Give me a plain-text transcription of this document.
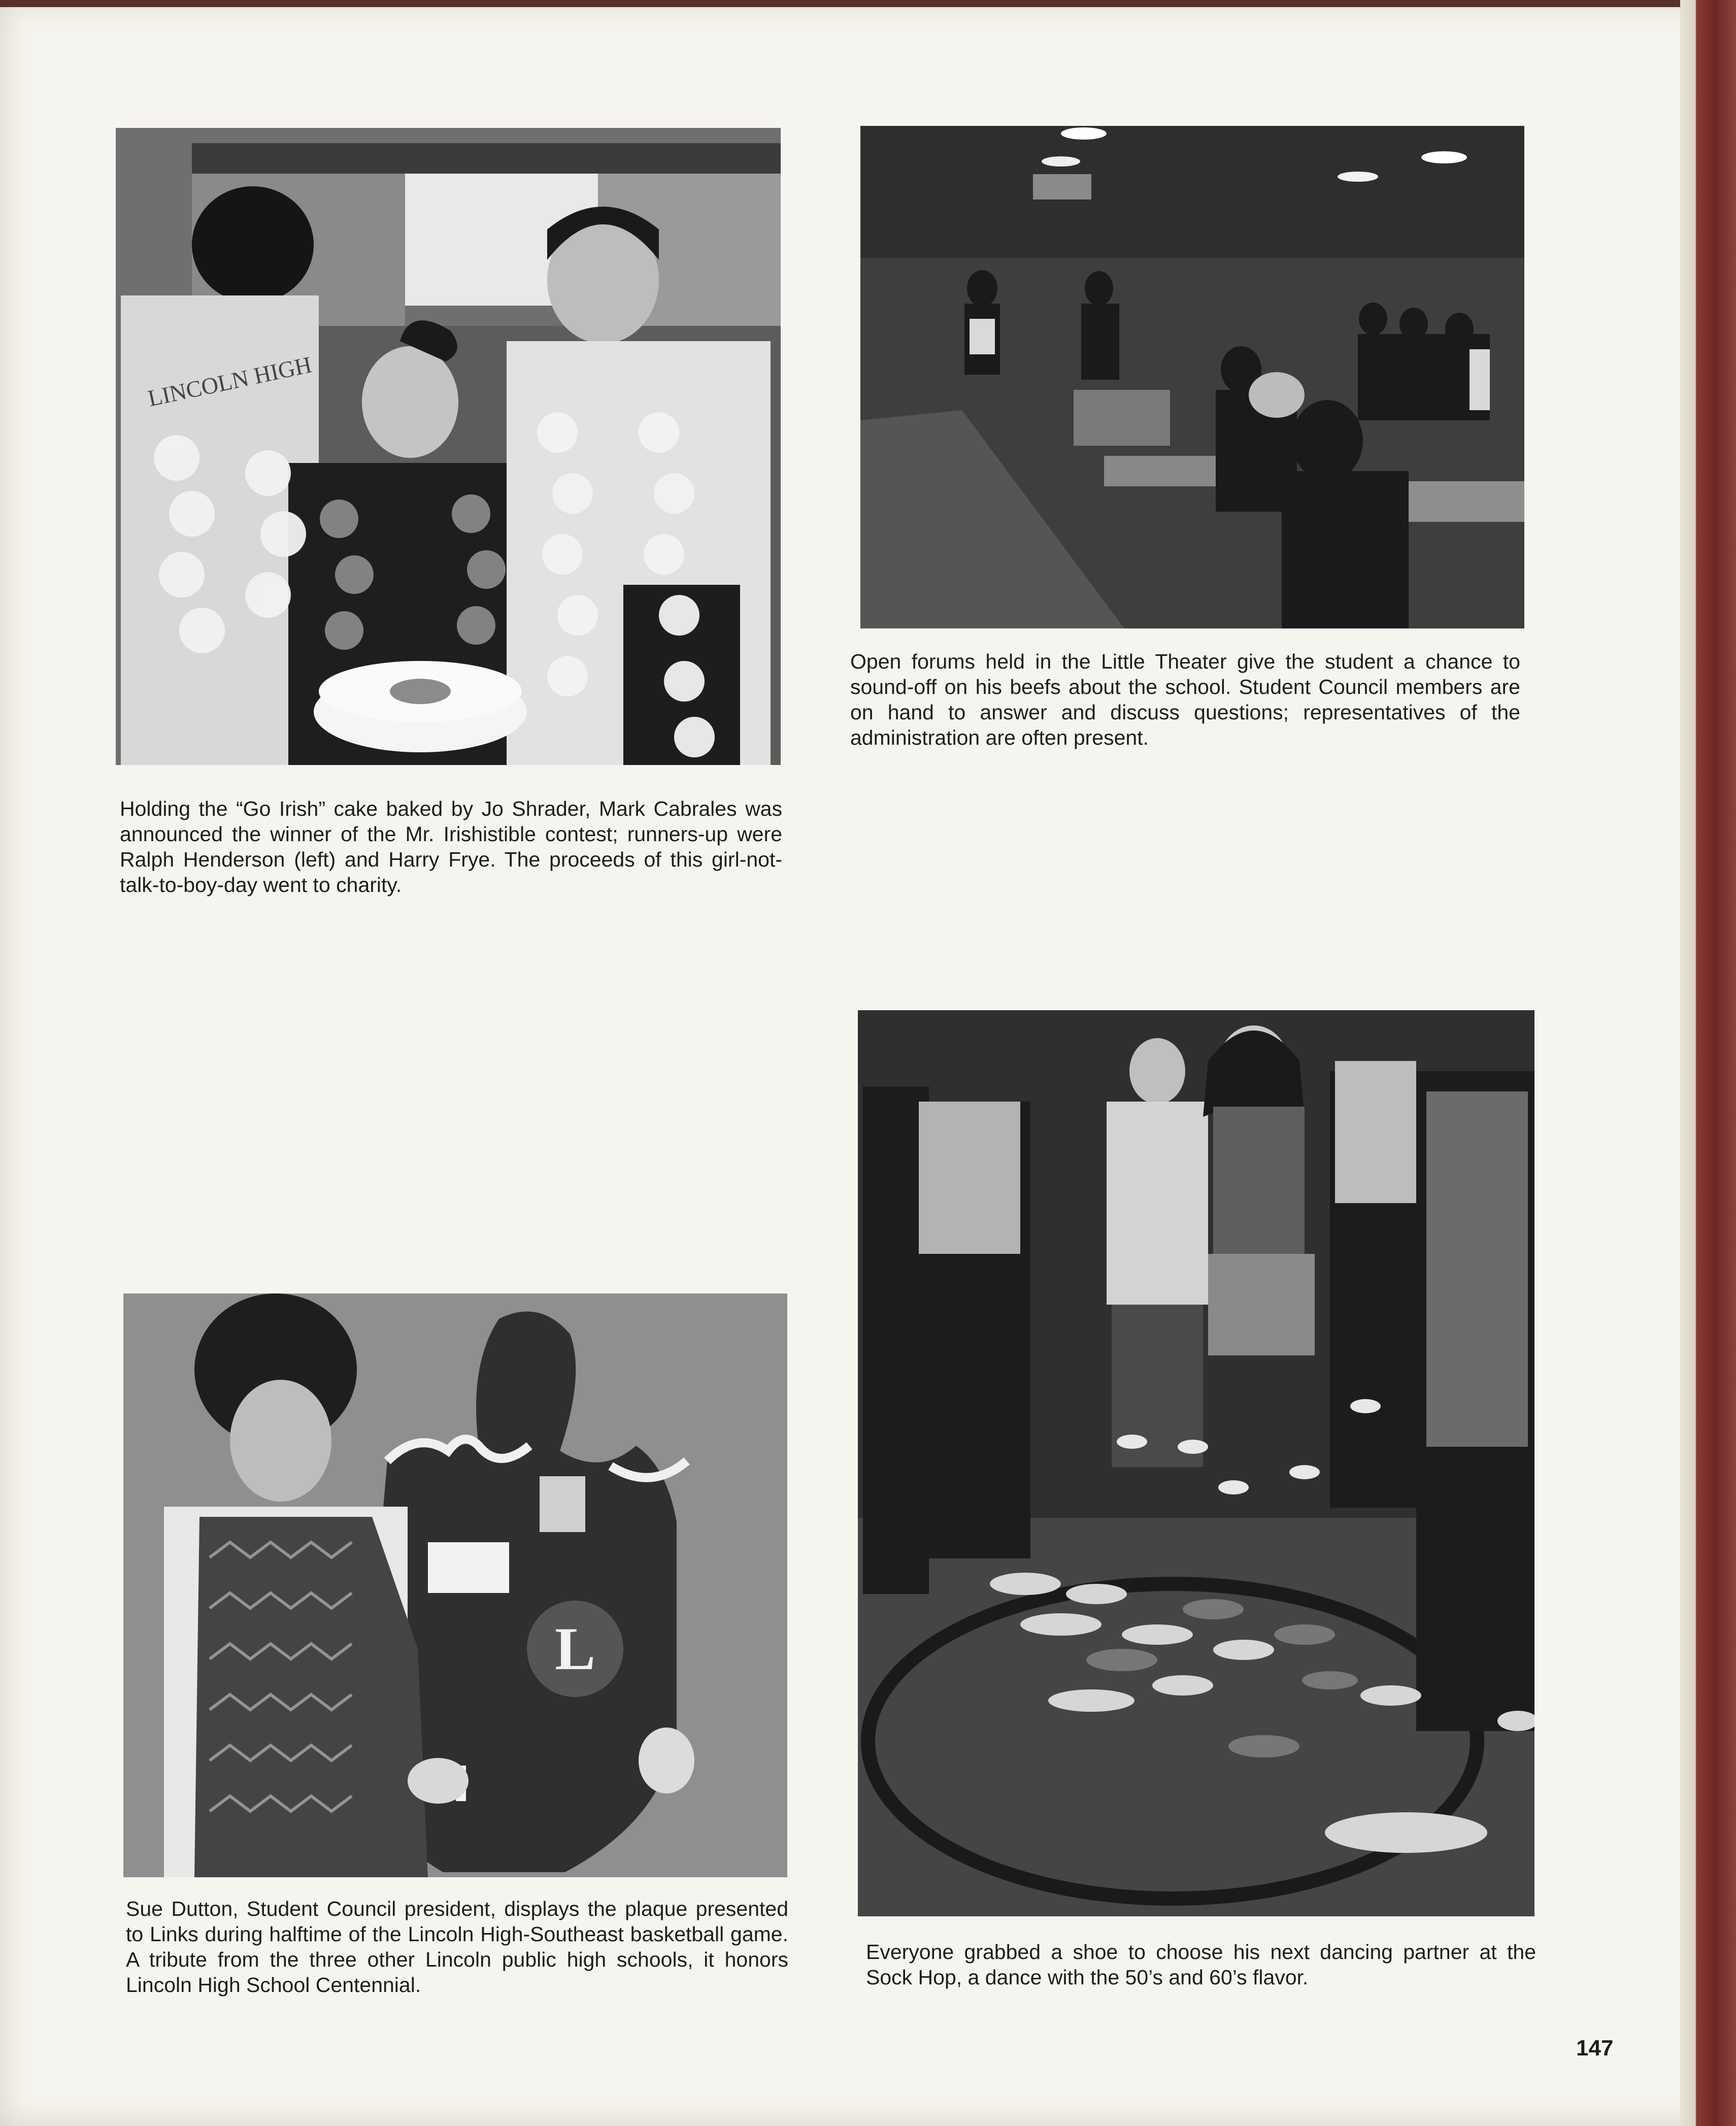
LINCOLN HIGH

Holding the “Go Irish” cake baked by Jo Shrader, Mark Cabrales was announced the winner of the Mr. Irishistible contest; runners-up were Ralph Henderson (left) and Harry Frye. The proceeds of this girl-not-talk-to-boy-day went to charity.

Open forums held in the Little Theater give the student a chance to sound-off on his beefs about the school. Student Council members are on hand to answer and discuss questions; representatives of the administration are often present.

L

Sue Dutton, Student Council president, displays the plaque presented to Links during halftime of the Lincoln High-Southeast basketball game. A tribute from the three other Lincoln public high schools, it honors Lincoln High School Centennial.

Everyone grabbed a shoe to choose his next dancing partner at the Sock Hop, a dance with the 50’s and 60’s flavor.

147
